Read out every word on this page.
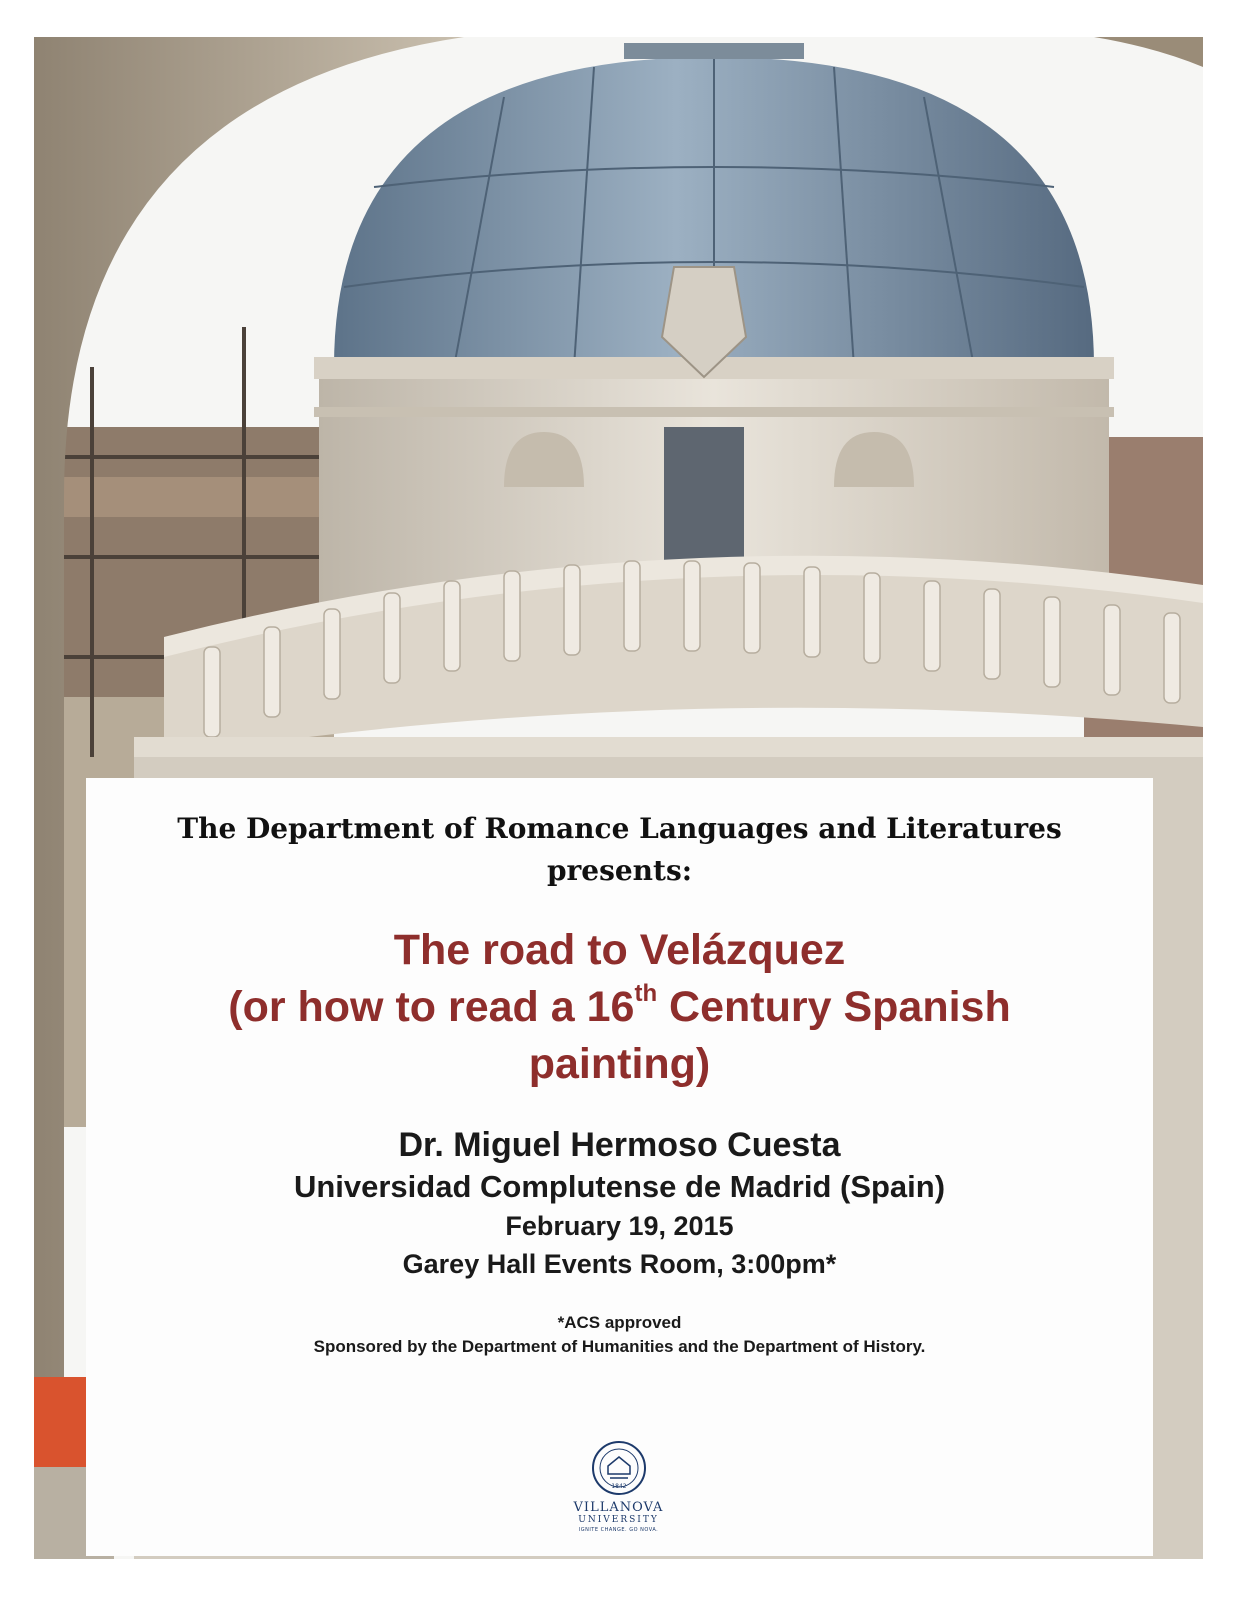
The Department of Romance Languages and Literatures

presents:

The road to Velázquez
(or how to read a 16th Century Spanish
painting)
Dr. Miguel Hermoso Cuesta
Universidad Complutense de Madrid (Spain)
February 19, 2015
Garey Hall Events Room, 3:00pm*
*ACS approved
Sponsored by the Department of Humanities and the Department of History.
1842
VILLANOVA
UNIVERSITY
IGNITE CHANGE. GO NOVA.
